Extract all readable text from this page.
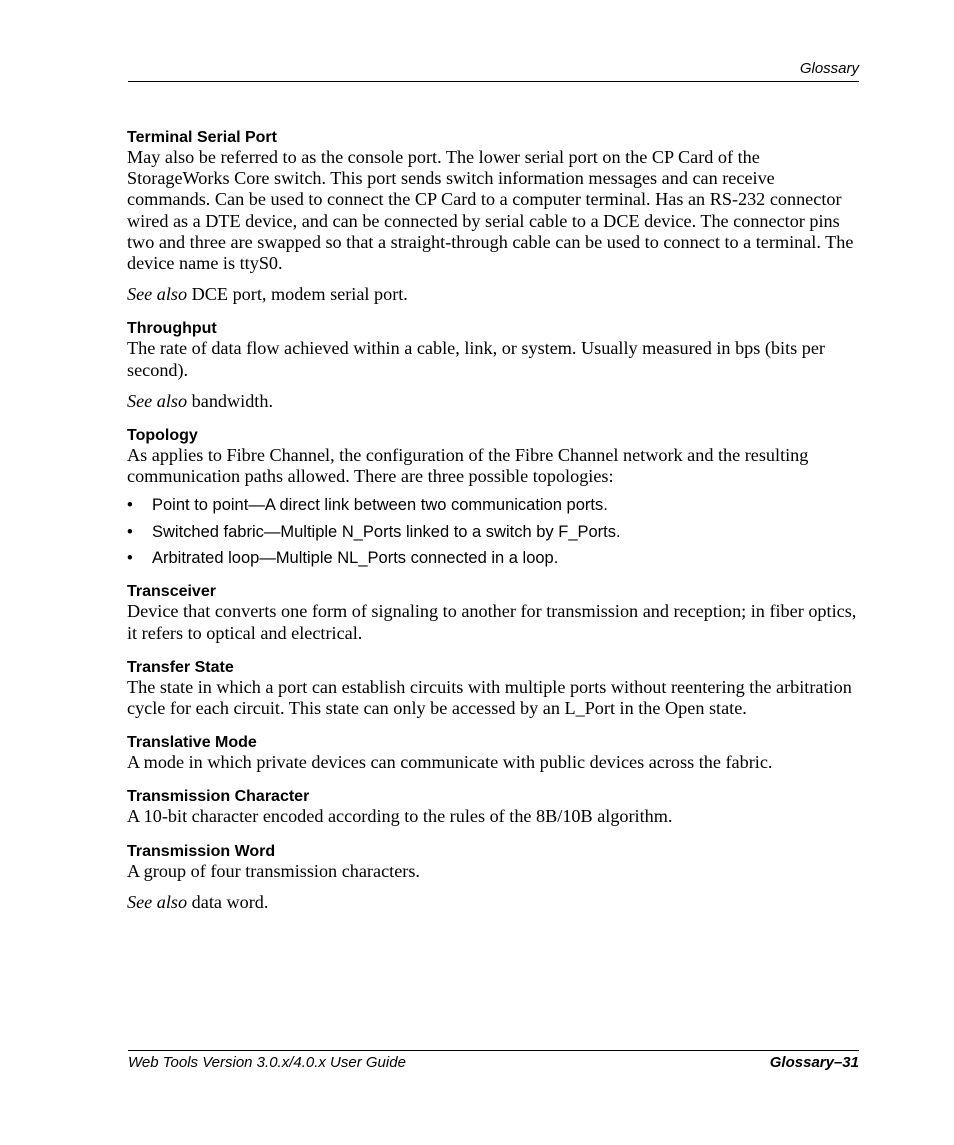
Glossary

Terminal Serial Port

May also be referred to as the console port. The lower serial port on the CP Card of the StorageWorks Core switch. This port sends switch information messages and can receive commands. Can be used to connect the CP Card to a computer terminal. Has an RS-232 connector wired as a DTE device, and can be connected by serial cable to a DCE device. The connector pins two and three are swapped so that a straight-through cable can be used to connect to a terminal. The device name is ttyS0.

See also DCE port, modem serial port.

Throughput

The rate of data flow achieved within a cable, link, or system. Usually measured in bps (bits per second).

See also bandwidth.

Topology

As applies to Fibre Channel, the configuration of the Fibre Channel network and the resulting communication paths allowed. There are three possible topologies:

• Point to point—A direct link between two communication ports.
• Switched fabric—Multiple N_Ports linked to a switch by F_Ports.
• Arbitrated loop—Multiple NL_Ports connected in a loop.

Transceiver

Device that converts one form of signaling to another for transmission and reception; in fiber optics, it refers to optical and electrical.

Transfer State

The state in which a port can establish circuits with multiple ports without reentering the arbitration cycle for each circuit. This state can only be accessed by an L_Port in the Open state.

Translative Mode

A mode in which private devices can communicate with public devices across the fabric.

Transmission Character

A 10-bit character encoded according to the rules of the 8B/10B algorithm.

Transmission Word

A group of four transmission characters.

See also data word.

Web Tools Version 3.0.x/4.0.x User Guide	Glossary–31
